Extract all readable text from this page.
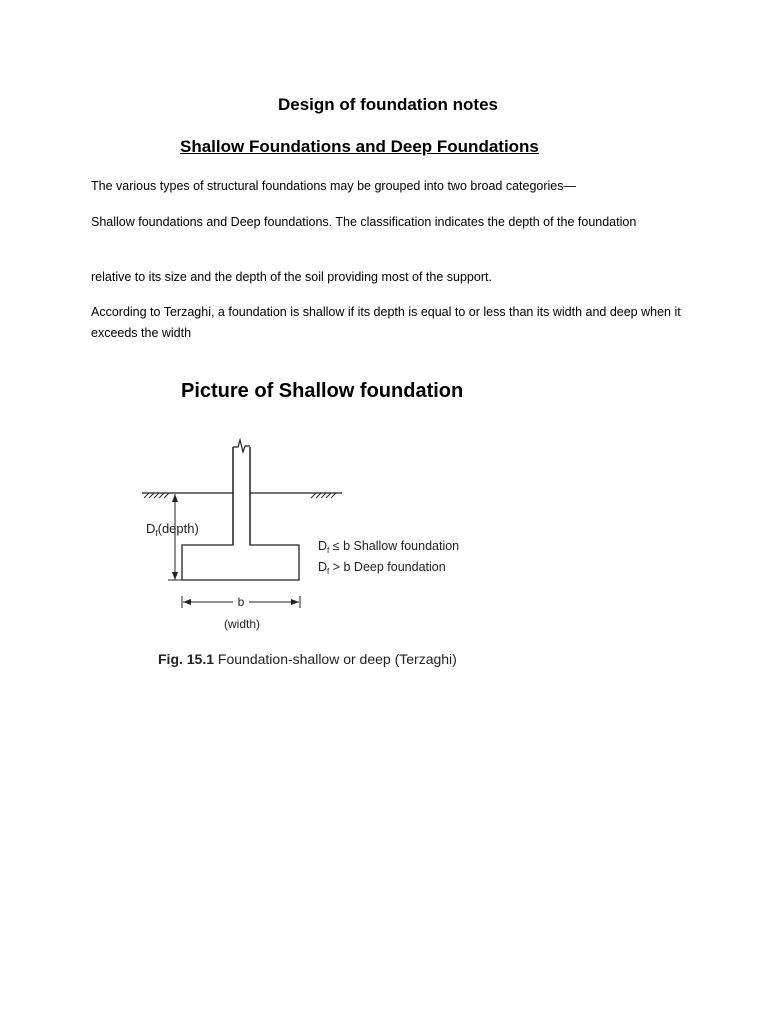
Design of foundation notes
Shallow Foundations and Deep Foundations

The various types of structural foundations may be grouped into two broad categories—

Shallow foundations and Deep foundations. The classification indicates the depth of the foundation

relative to its size and the depth of the soil providing most of the support.

According to Terzaghi, a foundation is shallow if its depth is equal to or less than its width and deep when it exceeds the width

Picture of Shallow foundation
$D_f(depth)$
b
(width)
$D_f \le b$ Shallow foundation
$D_f > b$ Deep foundation
Fig. 15.1 Foundation-shallow or deep (Terzaghi)
